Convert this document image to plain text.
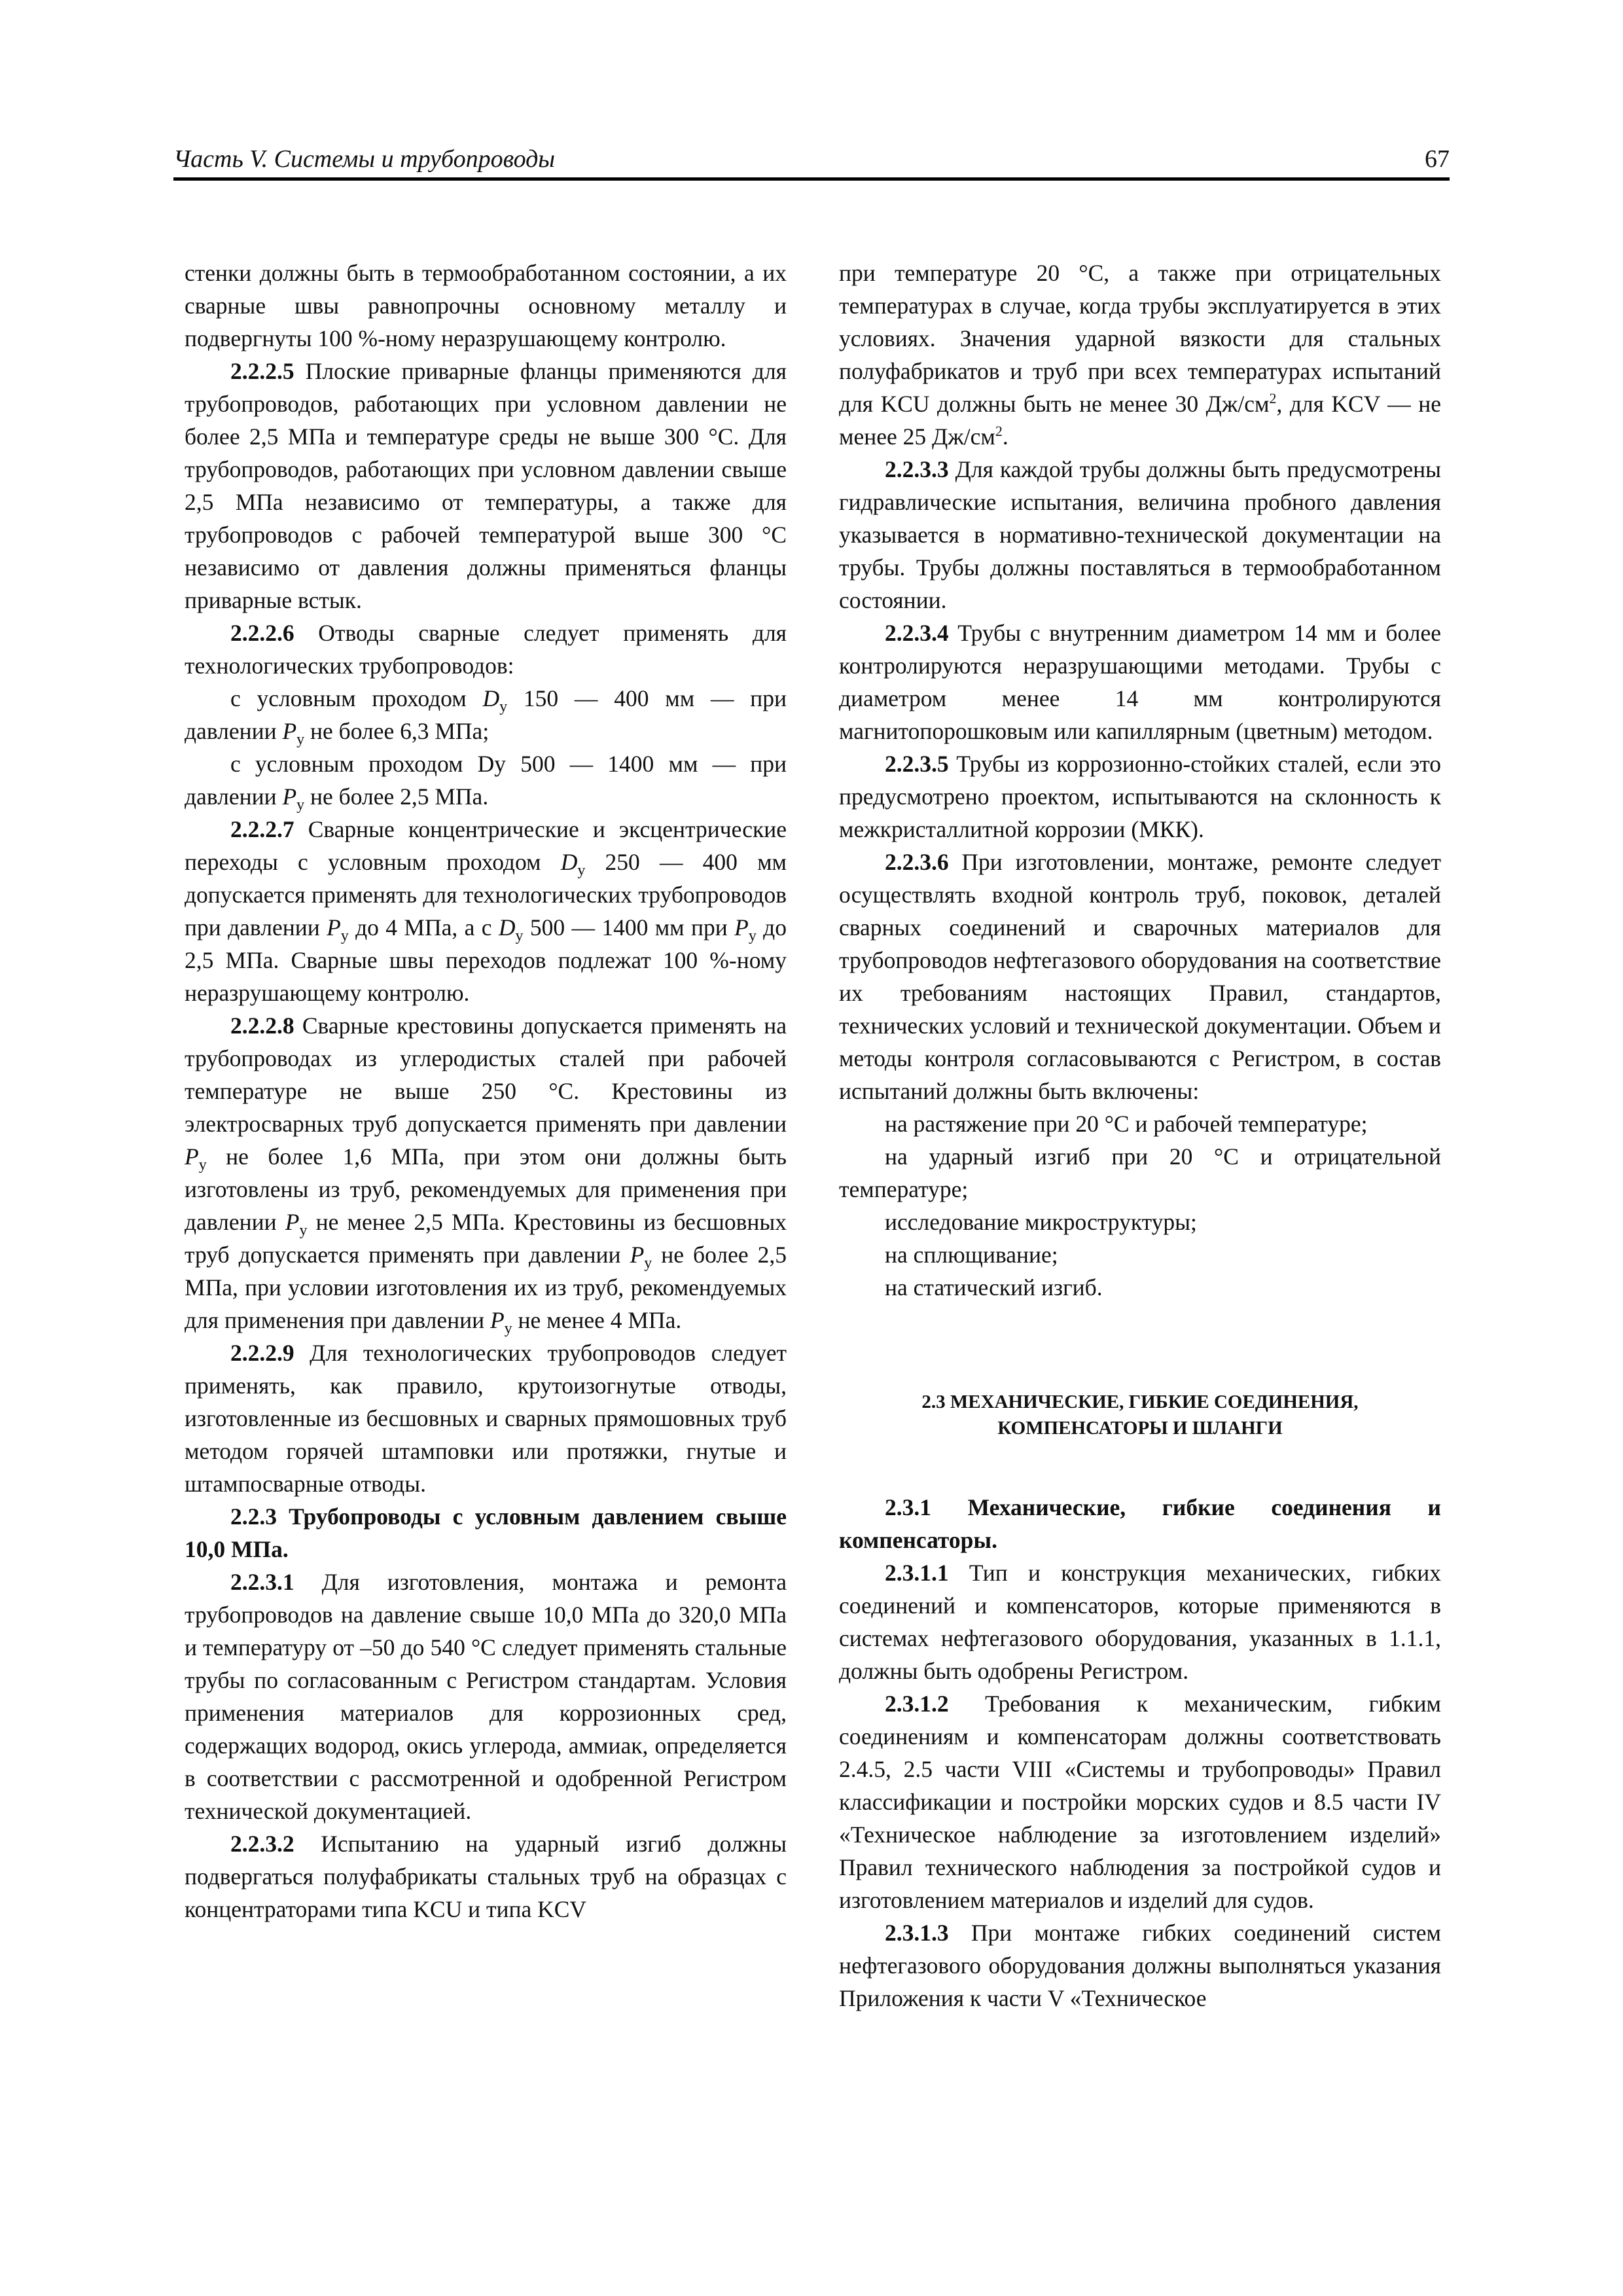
Часть V. Системы и трубопроводы	67

стенки должны быть в термообработанном состоянии, а их сварные швы равнопрочны основному металлу и подвергнуты 100 %-ному неразрушающему контролю.

2.2.2.5 Плоские приварные фланцы применяются для трубопроводов, работающих при условном давлении не более 2,5 МПа и температуре среды не выше 300 °С. Для трубопроводов, работающих при условном давлении свыше 2,5 МПа независимо от температуры, а также для трубопроводов с рабочей температурой выше 300 °С независимо от давления должны применяться фланцы приварные встык.

2.2.2.6 Отводы сварные следует применять для технологических трубопроводов:

с условным проходом $D_y$ 150 — 400 мм — при давлении $P_y$ не более 6,3 МПа;

с условным проходом Dy 500 — 1400 мм — при давлении $P_y$ не более 2,5 МПа.

2.2.2.7 Сварные концентрические и эксцентрические переходы с условным проходом $D_y$ 250 — 400 мм допускается применять для технологических трубопроводов при давлении $P_y$ до 4 МПа, а с $D_y$ 500 — 1400 мм при $P_y$ до 2,5 МПа. Сварные швы переходов подлежат 100 %-ному неразрушающему контролю.

2.2.2.8 Сварные крестовины допускается применять на трубопроводах из углеродистых сталей при рабочей температуре не выше 250 °С. Крестовины из электросварных труб допускается применять при давлении $P_y$ не более 1,6 МПа, при этом они должны быть изготовлены из труб, рекомендуемых для применения при давлении $P_y$ не менее 2,5 МПа. Крестовины из бесшовных труб допускается применять при давлении $P_y$ не более 2,5 МПа, при условии изготовления их из труб, рекомендуемых для применения при давлении $P_y$ не менее 4 МПа.

2.2.2.9 Для технологических трубопроводов следует применять, как правило, крутоизогнутые отводы, изготовленные из бесшовных и сварных прямошовных труб методом горячей штамповки или протяжки, гнутые и штампосварные отводы.

2.2.3 Трубопроводы с условным давлением свыше 10,0 МПа.

2.2.3.1 Для изготовления, монтажа и ремонта трубопроводов на давление свыше 10,0 МПа до 320,0 МПа и температуру от –50 до 540 °С следует применять стальные трубы по согласованным с Регистром стандартам. Условия применения материалов для коррозионных сред, содержащих водород, окись углерода, аммиак, определяется в соответствии с рассмотренной и одобренной Регистром технической документацией.

2.2.3.2 Испытанию на ударный изгиб должны подвергаться полуфабрикаты стальных труб на образцах с концентраторами типа KCU и типа KCV

при температуре 20 °С, а также при отрицательных температурах в случае, когда трубы эксплуатируется в этих условиях. Значения ударной вязкости для стальных полуфабрикатов и труб при всех температурах испытаний для KCU должны быть не менее 30 $Дж/см^2$, для KCV — не менее 25 $Дж/см^2$.

2.2.3.3 Для каждой трубы должны быть предусмотрены гидравлические испытания, величина пробного давления указывается в нормативно-технической документации на трубы. Трубы должны поставляться в термообработанном состоянии.

2.2.3.4 Трубы с внутренним диаметром 14 мм и более контролируются неразрушающими методами. Трубы с диаметром менее 14 мм контролируются магнитопорошковым или капиллярным (цветным) методом.

2.2.3.5 Трубы из коррозионно-стойких сталей, если это предусмотрено проектом, испытываются на склонность к межкристаллитной коррозии (МКК).

2.2.3.6 При изготовлении, монтаже, ремонте следует осуществлять входной контроль труб, поковок, деталей сварных соединений и сварочных материалов для трубопроводов нефтегазового оборудования на соответствие их требованиям настоящих Правил, стандартов, технических условий и технической документации. Объем и методы контроля согласовываются с Регистром, в состав испытаний должны быть включены:

на растяжение при 20 °С и рабочей температуре;

на ударный изгиб при 20 °С и отрицательной температуре;

исследование микроструктуры;

на сплющивание;

на статический изгиб.

2.3 МЕХАНИЧЕСКИЕ, ГИБКИЕ СОЕДИНЕНИЯ,
КОМПЕНСАТОРЫ И ШЛАНГИ

2.3.1 Механические, гибкие соединения и компенсаторы.

2.3.1.1 Тип и конструкция механических, гибких соединений и компенсаторов, которые применяются в системах нефтегазового оборудования, указанных в 1.1.1, должны быть одобрены Регистром.

2.3.1.2 Требования к механическим, гибким соединениям и компенсаторам должны соответствовать 2.4.5, 2.5 части VIII «Системы и трубопроводы» Правил классификации и постройки морских судов и 8.5 части IV «Техническое наблюдение за изготовлением изделий» Правил технического наблюдения за постройкой судов и изготовлением материалов и изделий для судов.

2.3.1.3 При монтаже гибких соединений систем нефтегазового оборудования должны выполняться указания Приложения к части V «Техническое
